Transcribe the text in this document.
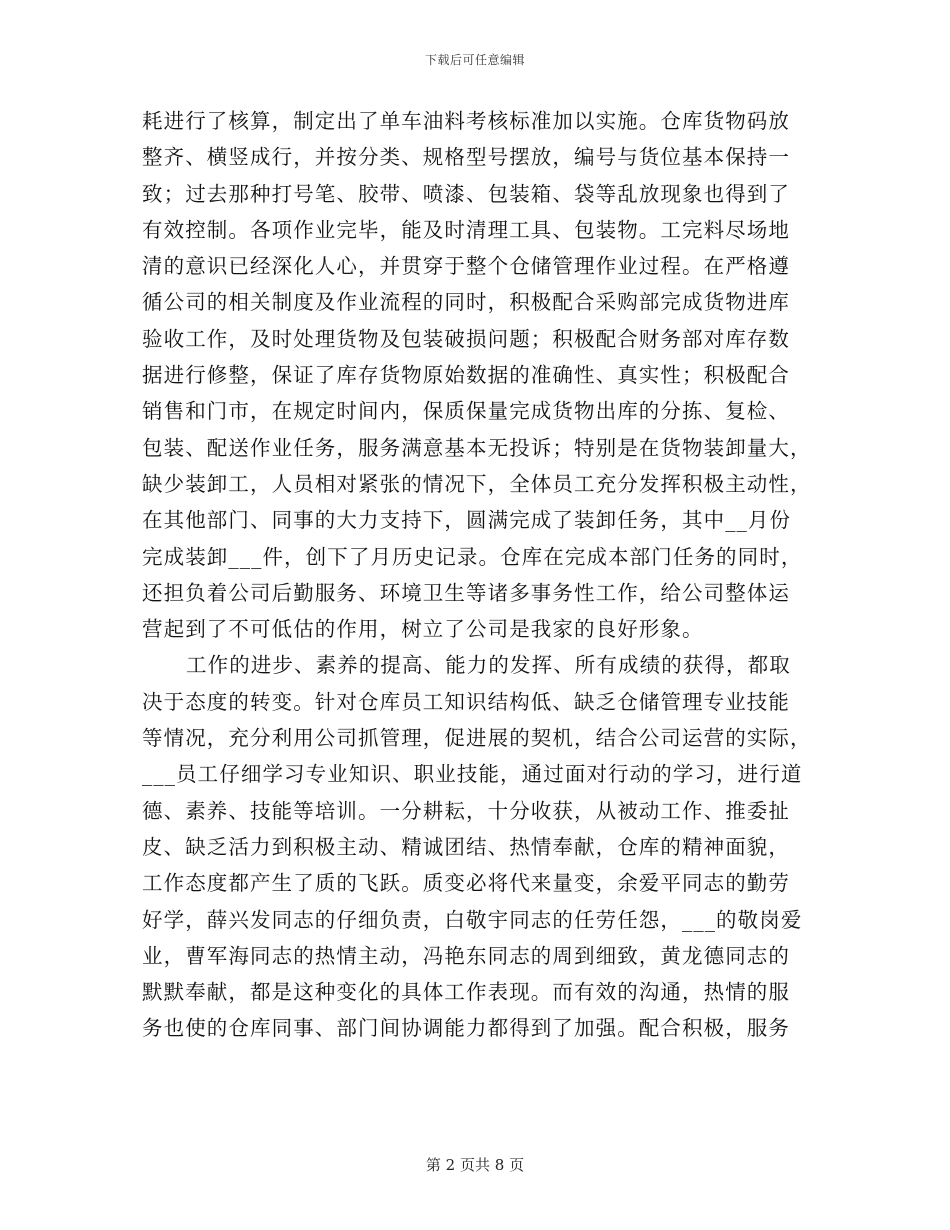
下载后可任意编辑
耗进行了核算，制定出了单车油料考核标准加以实施。仓库货物码放
整齐、横竖成行，并按分类、规格型号摆放，编号与货位基本保持一
致；过去那种打号笔、胶带、喷漆、包装箱、袋等乱放现象也得到了
有效控制。各项作业完毕，能及时清理工具、包装物。工完料尽场地
清的意识已经深化人心，并贯穿于整个仓储管理作业过程。在严格遵
循公司的相关制度及作业流程的同时，积极配合采购部完成货物进库
验收工作，及时处理货物及包装破损问题；积极配合财务部对库存数
据进行修整，保证了库存货物原始数据的准确性、真实性；积极配合
销售和门市，在规定时间内，保质保量完成货物出库的分拣、复检、
包装、配送作业任务，服务满意基本无投诉；特别是在货物装卸量大，
缺少装卸工，人员相对紧张的情况下，全体员工充分发挥积极主动性，
在其他部门、同事的大力支持下，圆满完成了装卸任务，其中__月份
完成装卸___件，创下了月历史记录。仓库在完成本部门任务的同时，
还担负着公司后勤服务、环境卫生等诸多事务性工作，给公司整体运
营起到了不可低估的作用，树立了公司是我家的良好形象。
工作的进步、素养的提高、能力的发挥、所有成绩的获得，都取
决于态度的转变。针对仓库员工知识结构低、缺乏仓储管理专业技能
等情况，充分利用公司抓管理，促进展的契机，结合公司运营的实际，
___员工仔细学习专业知识、职业技能，通过面对行动的学习，进行道
德、素养、技能等培训。一分耕耘，十分收获，从被动工作、推委扯
皮、缺乏活力到积极主动、精诚团结、热情奉献，仓库的精神面貌，
工作态度都产生了质的飞跃。质变必将代来量变，余爱平同志的勤劳
好学，薛兴发同志的仔细负责，白敬宇同志的任劳任怨，___的敬岗爱
业，曹军海同志的热情主动，冯艳东同志的周到细致，黄龙德同志的
默默奉献，都是这种变化的具体工作表现。而有效的沟通，热情的服
务也使的仓库同事、部门间协调能力都得到了加强。配合积极，服务
第 2 页共 8 页
